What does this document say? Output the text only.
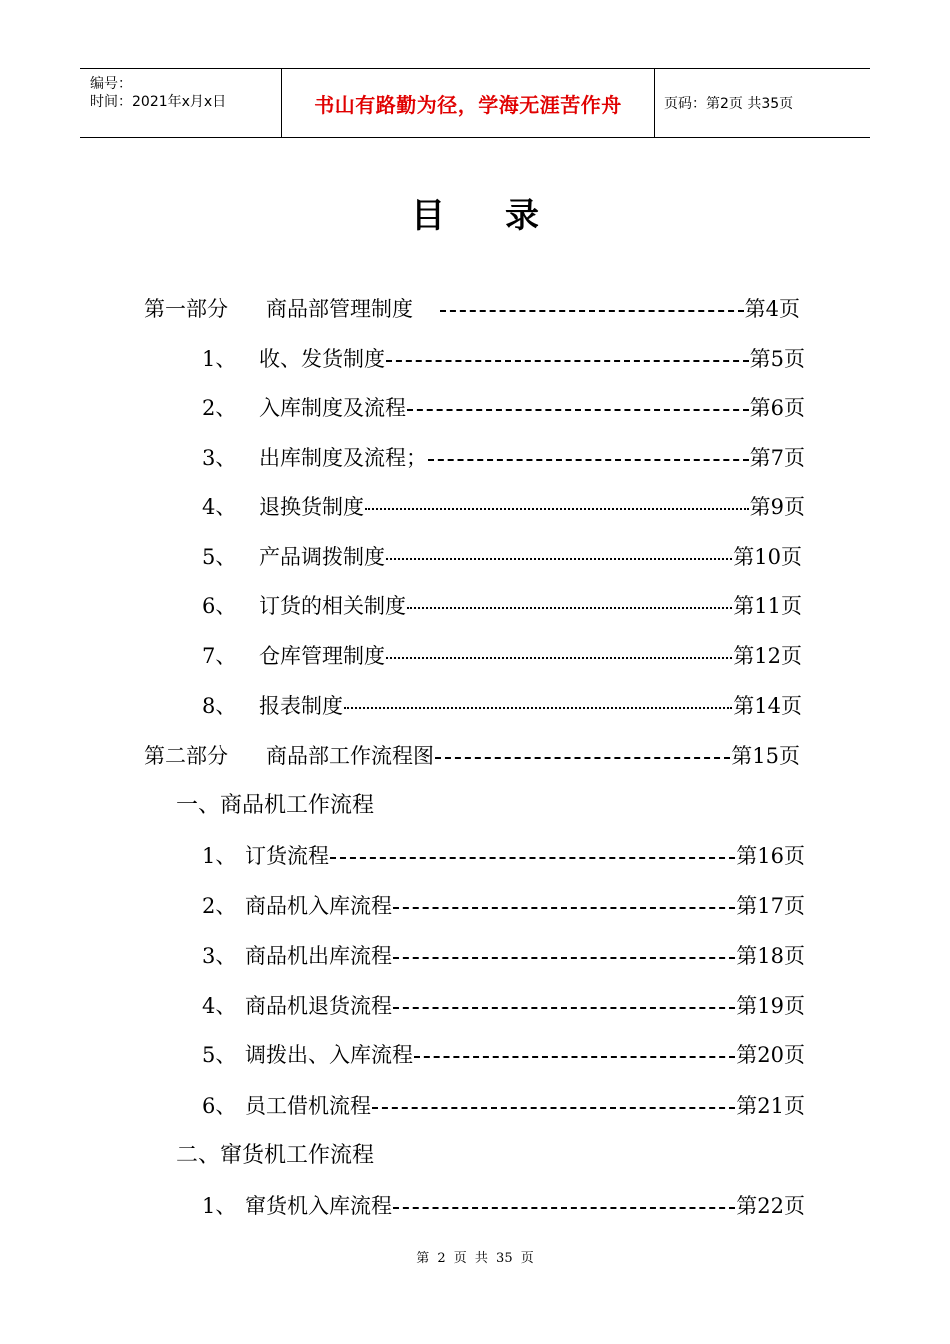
编号：
时间：2021年x月x日	书山有路勤为径，学海无涯苦作舟	页码：第2页 共35页
目录
第一部分	商品部管理制度	第4页
1、	收、发货制度	第5页
2、	入库制度及流程	第6页
3、	出库制度及流程；	第7页
4、	退换货制度	第9页
5、	产品调拨制度	第10页
6、	订货的相关制度	第11页
7、	仓库管理制度	第12页
8、	报表制度	第14页
第二部分	商品部工作流程图	第15页
一、商品机工作流程
1、 订货流程	第16页
2、 商品机入库流程	第17页
3、 商品机出库流程	第18页
4、 商品机退货流程	第19页
5、 调拨出、入库流程	第20页
6、 员工借机流程	第21页
二、窜货机工作流程
1、 窜货机入库流程	第22页
第 2 页 共 35 页
